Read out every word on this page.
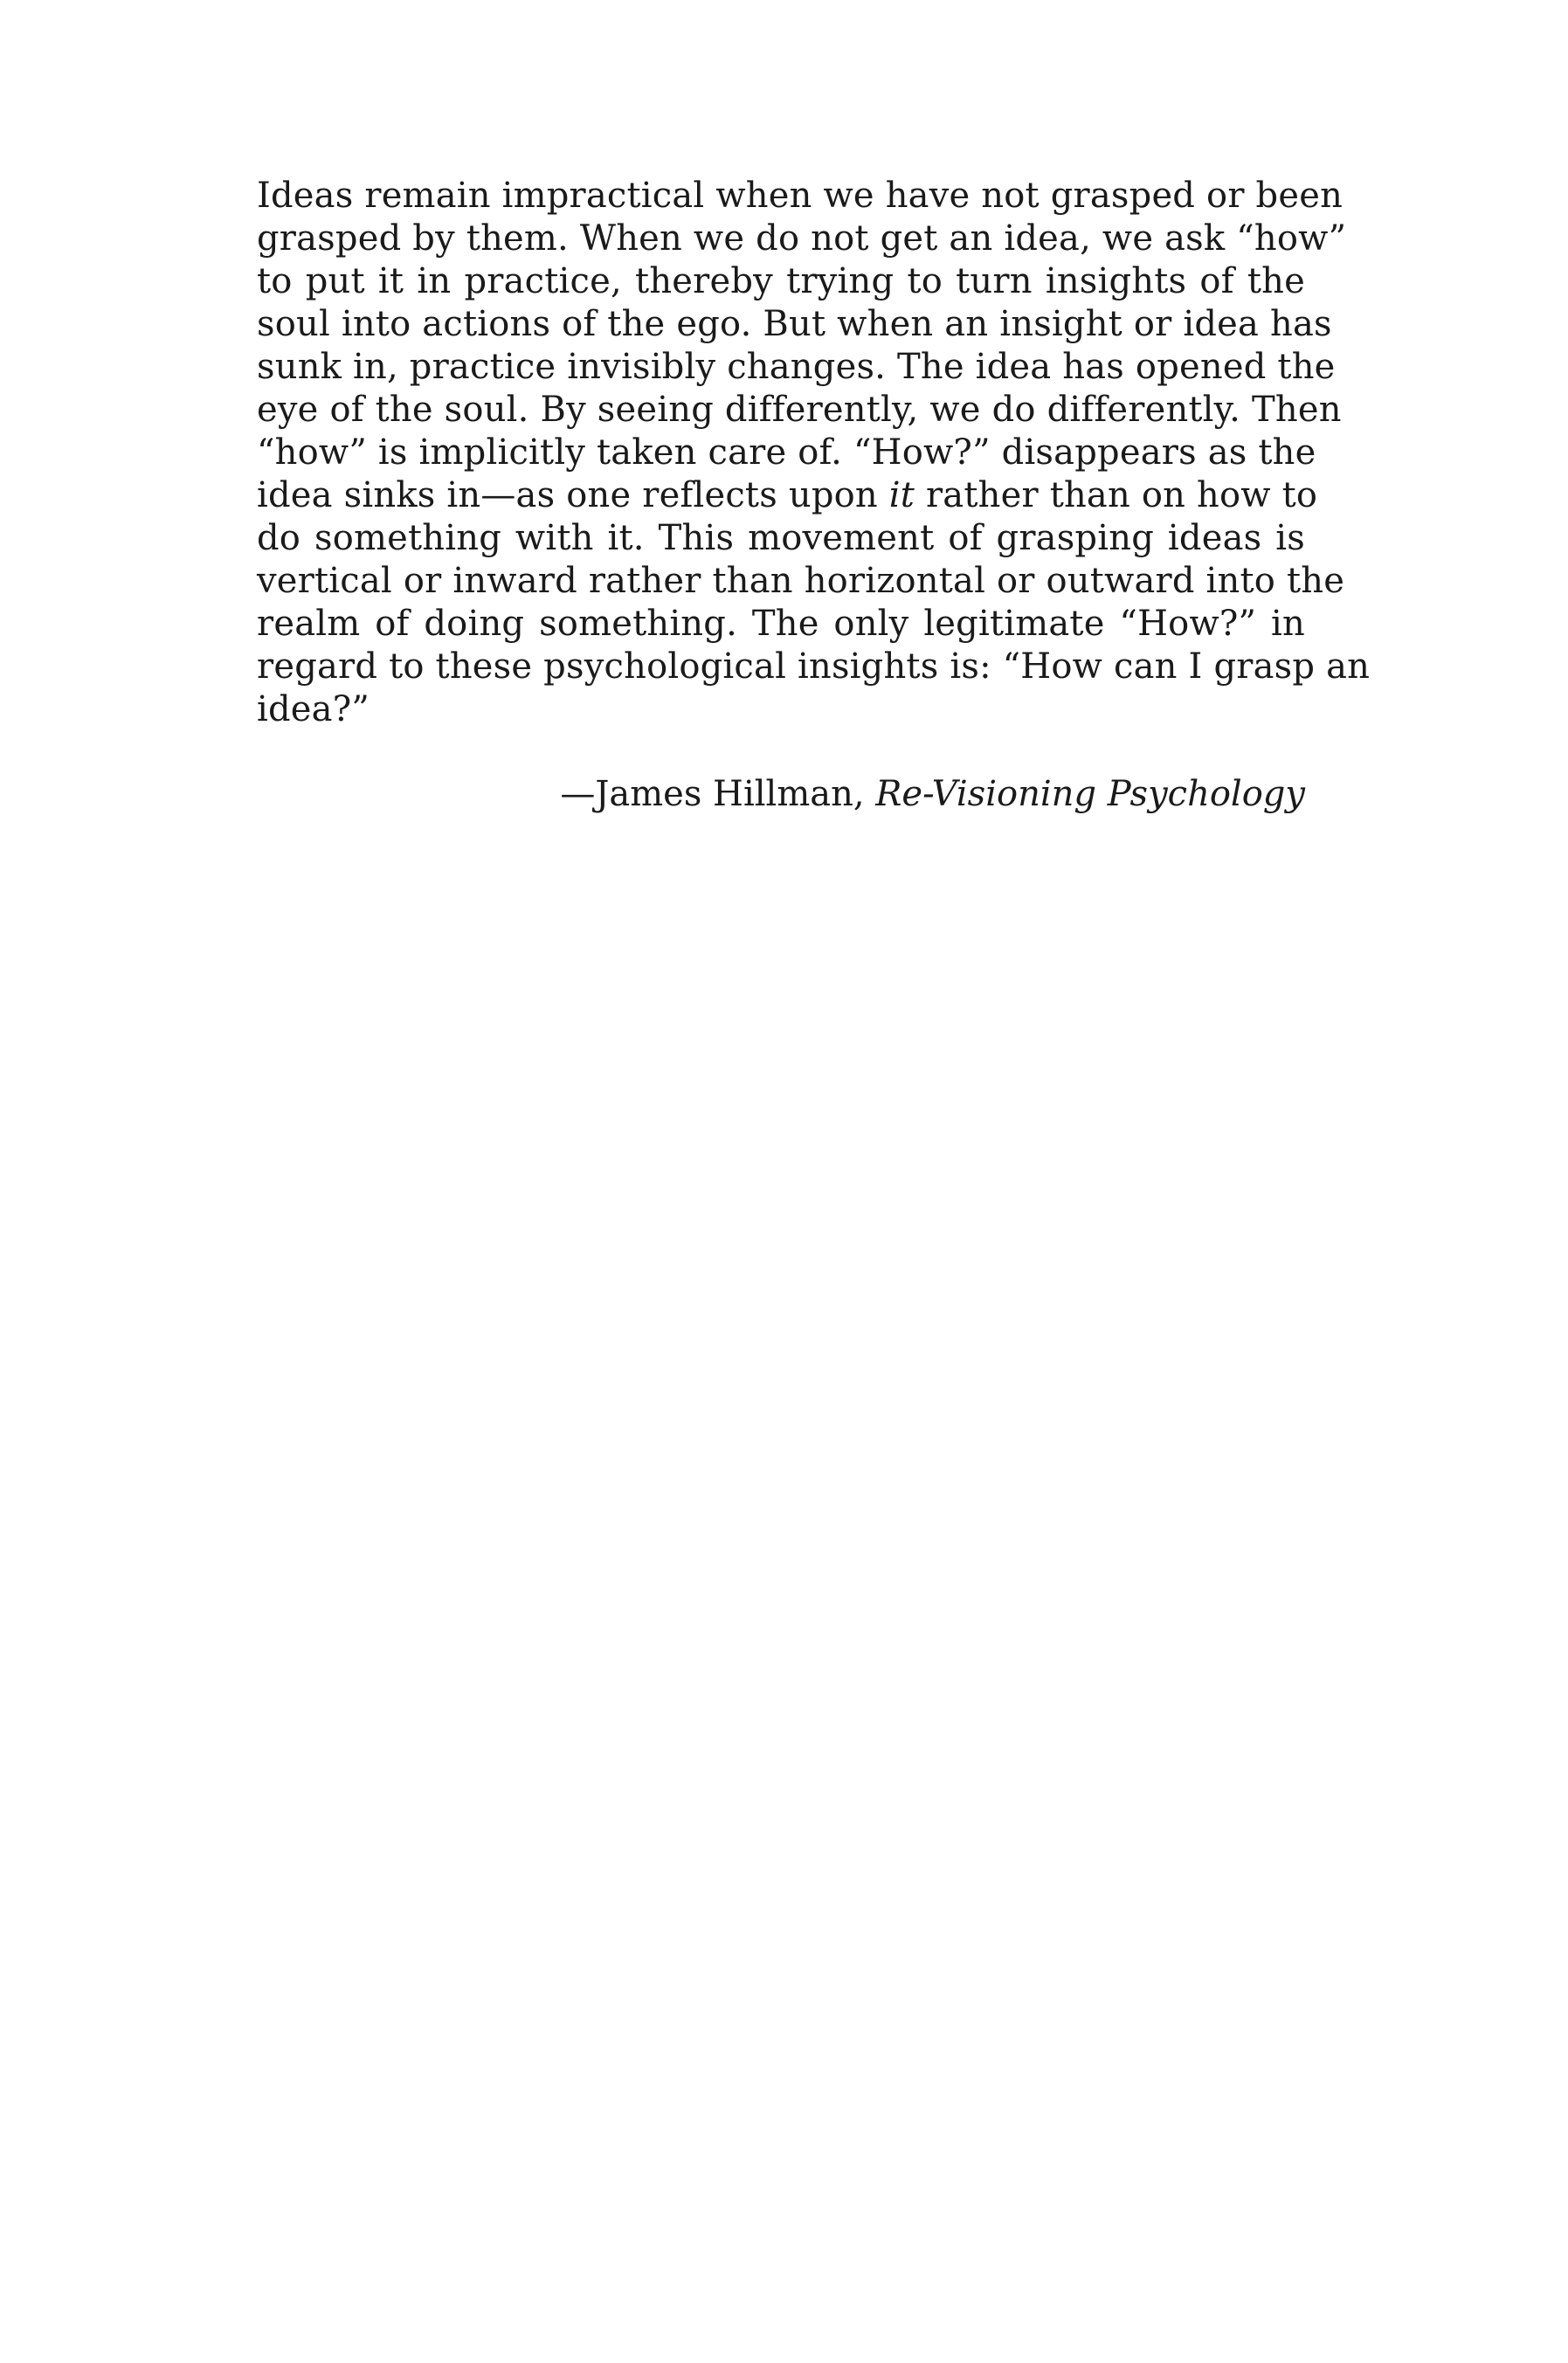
Ideas remain impractical when we have not grasped or been
grasped by them. When we do not get an idea, we ask “how”
to put it in practice, thereby trying to turn insights of the
soul into actions of the ego. But when an insight or idea has
sunk in, practice invisibly changes. The idea has opened the
eye of the soul. By seeing differently, we do differently. Then
“how” is implicitly taken care of. “How?” disappears as the
idea sinks in—as one reflects upon it rather than on how to
do something with it. This movement of grasping ideas is
vertical or inward rather than horizontal or outward into the
realm of doing something. The only legitimate “How?” in
regard to these psychological insights is: “How can I grasp an
idea?”
—James Hillman, Re-Visioning Psychology
